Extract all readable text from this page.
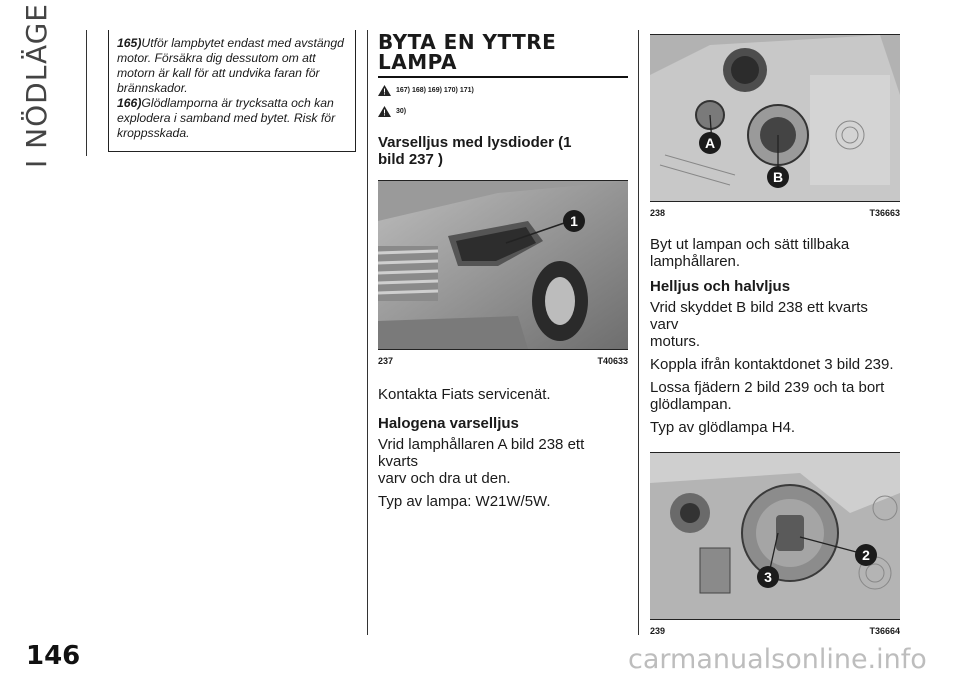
I NÖDLÄGE	165)Utför lampbytet endast med avstängd motor. Försäkra dig dessutom om att motorn är kall för att undvika faran för brännskador.

166)Glödlamporna är trycksatta och kan explodera i samband med bytet. Risk för kroppsskada.

BYTA EN YTTRE
LAMPA
167) 168) 169) 170) 171)
30)
Varselljus med lysdioder (1
bild 237 )
1
237	T40633

Kontakta Fiats servicenät.

Halogena varselljus

Vrid lamphållaren A bild 238 ett kvarts
varv och dra ut den.

Typ av lampa: W21W/5W.

A
B
238	T36663

Byt ut lampan och sätt tillbaka
lamphållaren.

Helljus och halvljus

Vrid skyddet B bild 238 ett kvarts varv
moturs.

Koppla ifrån kontaktdonet 3 bild 239.

Lossa fjädern 2 bild 239 och ta bort
glödlampan.

Typ av glödlampa H4.

2
3
239	T36664
146	carmanualsonline.info
